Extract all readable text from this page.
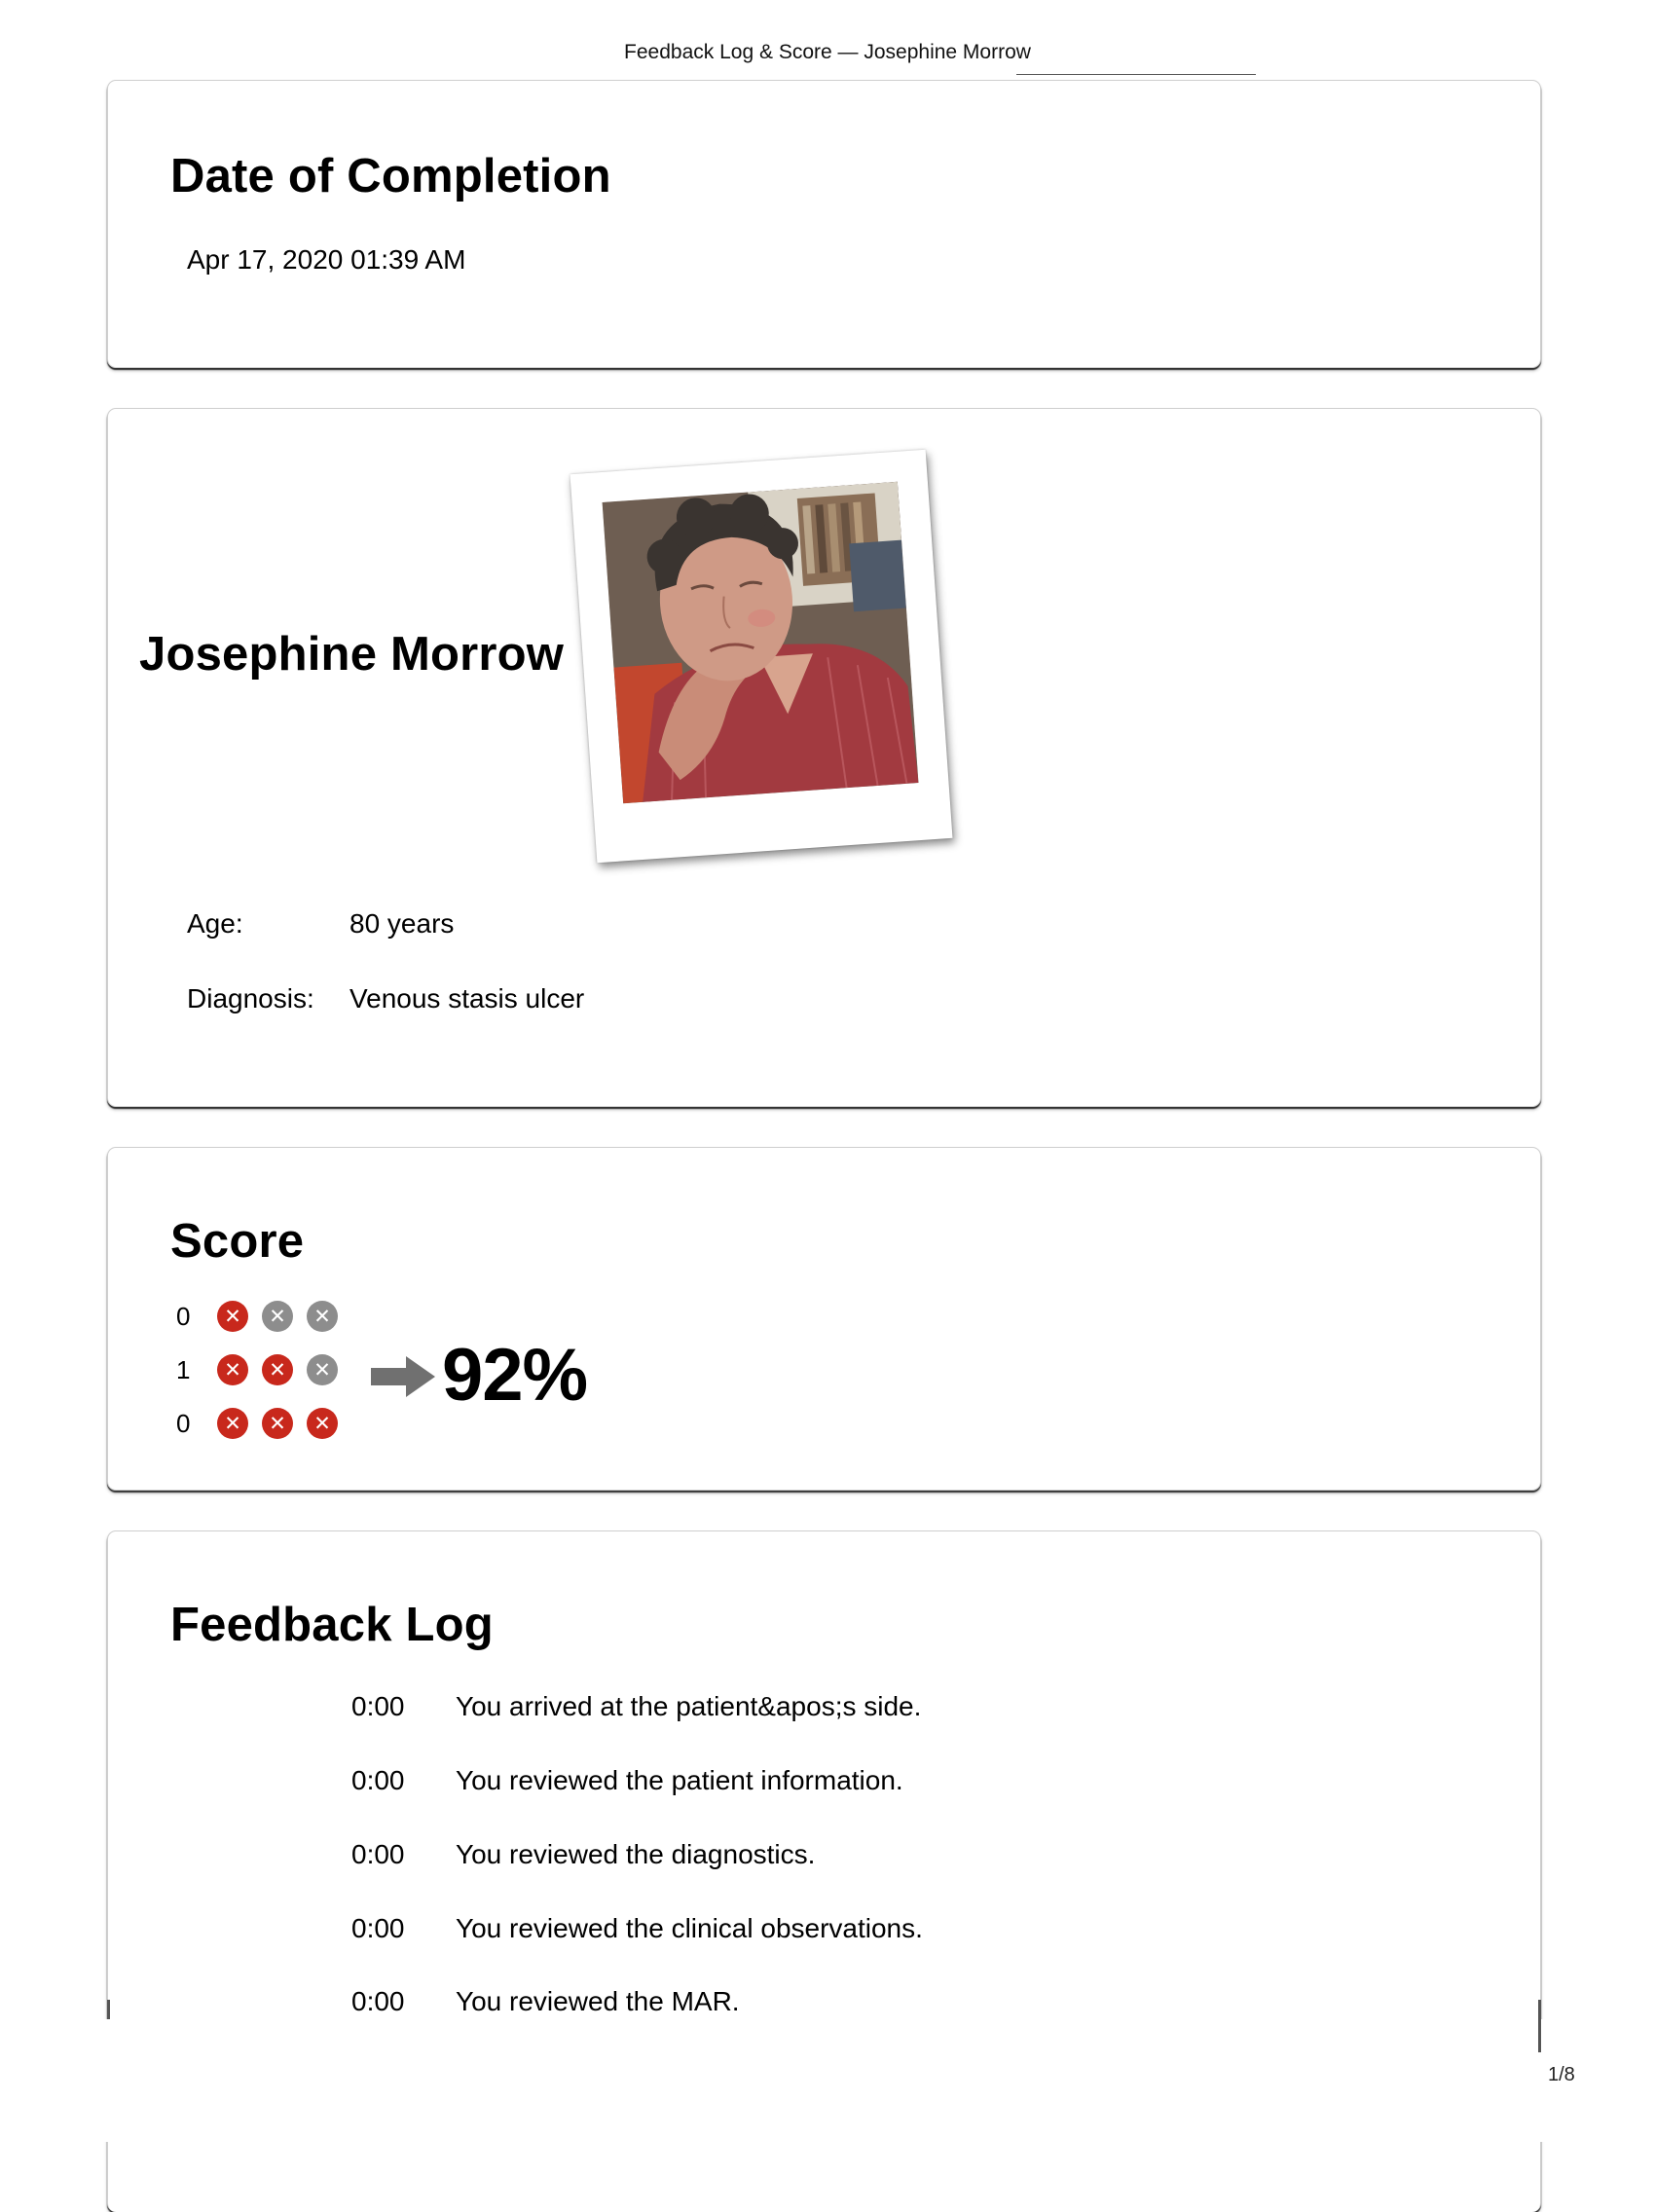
Feedback Log & Score — Josephine Morrow
Date of Completion
Apr 17, 2020 01:39 AM
Josephine Morrow
Age:	80 years
Diagnosis: Venous stasis ulcer
Score
0	✕	✕	✕
1	✕	✕	✕
0	✕	✕	✕
92%
Feedback Log
0:00 You arrived at the patient&apos;s side.
0:00 You reviewed the patient information.
0:00 You reviewed the diagnostics.
0:00 You reviewed the clinical observations.
0:00 You reviewed the MAR.
1/8
